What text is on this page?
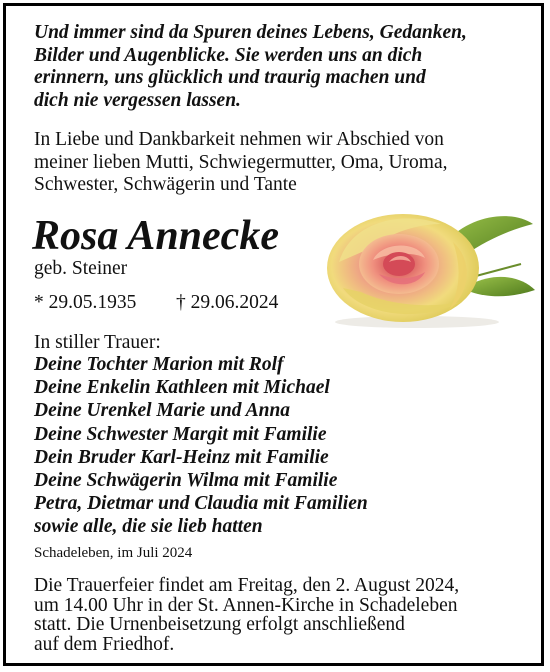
Und immer sind da Spuren deines Lebens, Gedanken,
Bilder und Augenblicke. Sie werden uns an dich
erinnern, uns glücklich und traurig machen und
dich nie vergessen lassen.
In Liebe und Dankbarkeit nehmen wir Abschied von
meiner lieben Mutti, Schwiegermutter, Oma, Uroma,
Schwester, Schwägerin und Tante
Rosa Annecke
geb. Steiner
* 29.05.1935 † 29.06.2024
In stiller Trauer:
Deine Tochter Marion mit Rolf
Deine Enkelin Kathleen mit Michael
Deine Urenkel Marie und Anna
Deine Schwester Margit mit Familie
Dein Bruder Karl-Heinz mit Familie
Deine Schwägerin Wilma mit Familie
Petra, Dietmar und Claudia mit Familien
sowie alle, die sie lieb hatten
Schadeleben, im Juli 2024
Die Trauerfeier findet am Freitag, den 2. August 2024,
um 14.00 Uhr in der St. Annen-Kirche in Schadeleben
statt. Die Urnenbeisetzung erfolgt anschließend
auf dem Friedhof.
